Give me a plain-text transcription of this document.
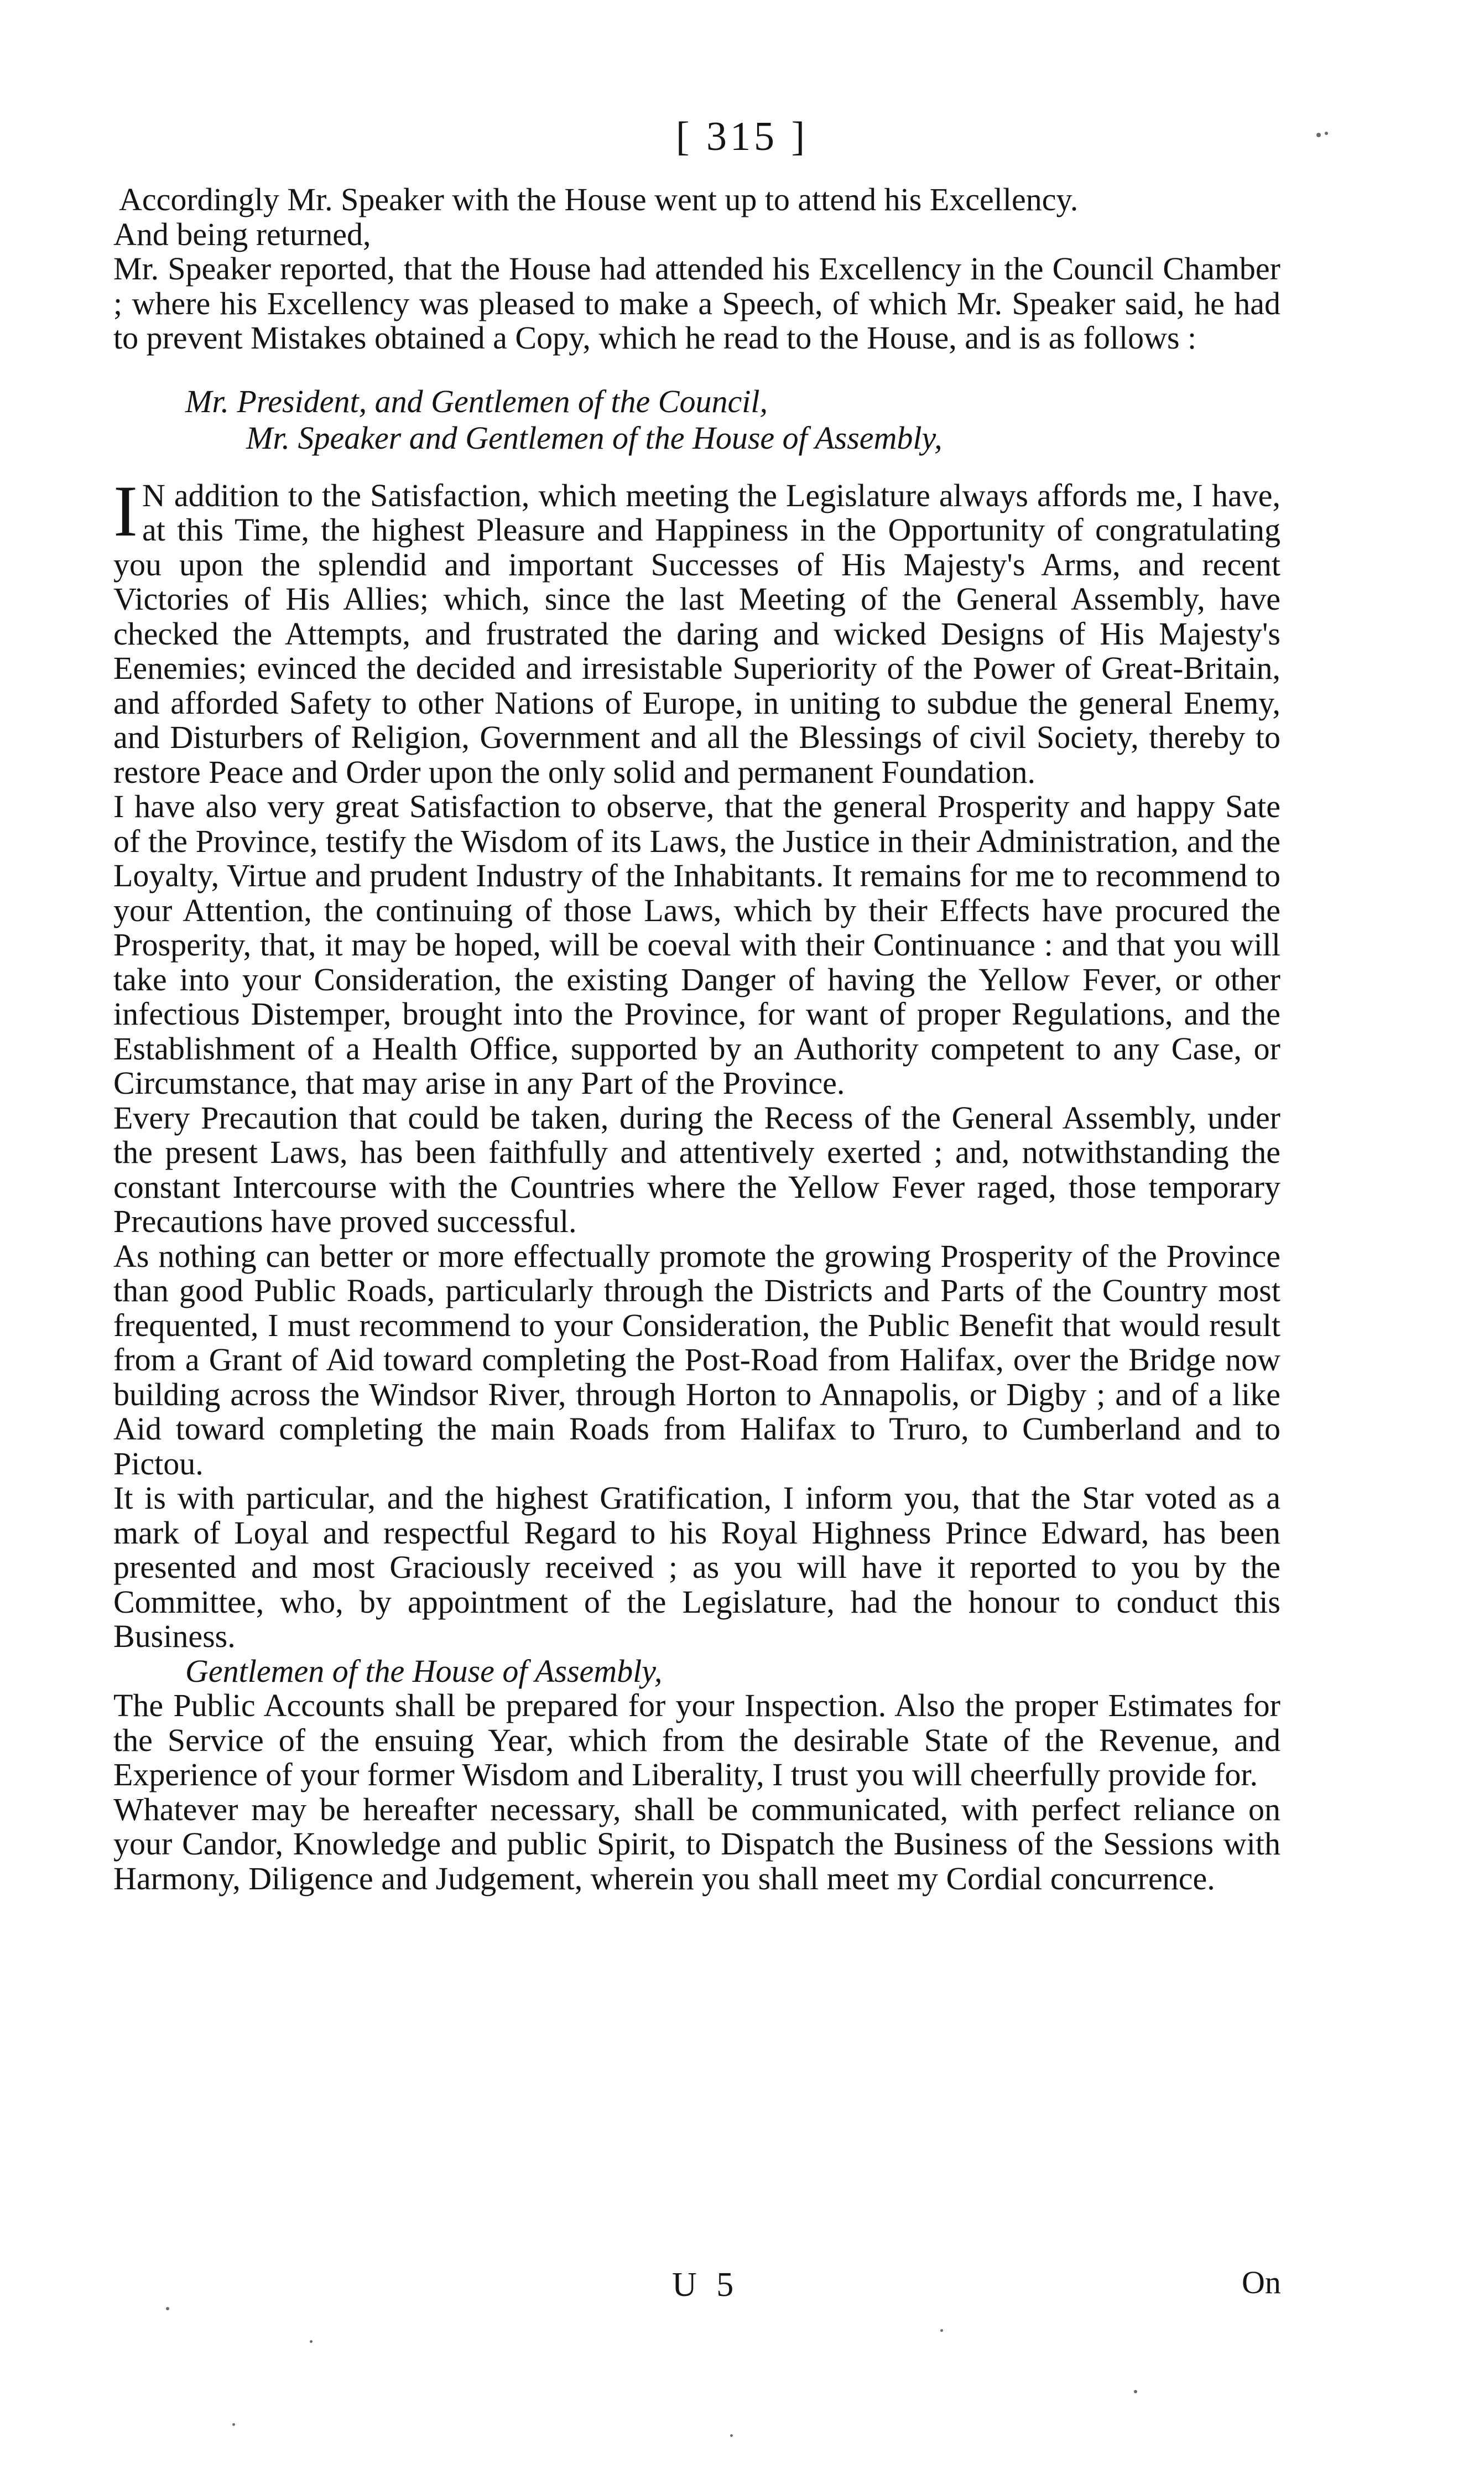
[ 315 ]

Accordingly Mr. Speaker with the House went up to attend his Excellency.

And being returned,

Mr. Speaker reported, that the House had attended his Excellency in the Council Chamber ; where his Excellency was pleased to make a Speech, of which Mr. Speaker said, he had to prevent Mistakes obtained a Copy, which he read to the House, and is as follows :

Mr. President, and Gentlemen of the Council,

Mr. Speaker and Gentlemen of the House of Assembly,

I N addition to the Satisfaction, which meeting the Legislature always affords me, I have, at this Time, the highest Pleasure and Happiness in the Opportunity of congratulating you upon the splendid and important Successes of His Majesty's Arms, and recent Victories of His Allies; which, since the last Meeting of the General Assembly, have checked the Attempts, and frustrated the daring and wicked Designs of His Majesty's Eenemies; evinced the decided and irresistable Superiority of the Power of Great-Britain, and afforded Safety to other Nations of Europe, in uniting to subdue the general Enemy, and Disturbers of Religion, Government and all the Blessings of civil Society, thereby to restore Peace and Order upon the only solid and permanent Foundation.

I have also very great Satisfaction to observe, that the general Prosperity and happy Sate of the Province, testify the Wisdom of its Laws, the Justice in their Administration, and the Loyalty, Virtue and prudent Industry of the Inhabitants. It remains for me to recommend to your Attention, the continuing of those Laws, which by their Effects have procured the Prosperity, that, it may be hoped, will be coeval with their Continuance : and that you will take into your Consideration, the existing Danger of having the Yellow Fever, or other infectious Distemper, brought into the Province, for want of proper Regulations, and the Establishment of a Health Office, supported by an Authority competent to any Case, or Circumstance, that may arise in any Part of the Province.

Every Precaution that could be taken, during the Recess of the General Assembly, under the present Laws, has been faithfully and attentively exerted ; and, notwithstanding the constant Intercourse with the Countries where the Yellow Fever raged, those temporary Precautions have proved successful.

As nothing can better or more effectually promote the growing Prosperity of the Province than good Public Roads, particularly through the Districts and Parts of the Country most frequented, I must recommend to your Consideration, the Public Benefit that would result from a Grant of Aid toward completing the Post-Road from Halifax, over the Bridge now building across the Windsor River, through Horton to Annapolis, or Digby ; and of a like Aid toward completing the main Roads from Halifax to Truro, to Cumberland and to Pictou.

It is with particular, and the highest Gratification, I inform you, that the Star voted as a mark of Loyal and respectful Regard to his Royal Highness Prince Edward, has been presented and most Graciously received ; as you will have it reported to you by the Committee, who, by appointment of the Legislature, had the honour to conduct this Business.

Gentlemen of the House of Assembly,

The Public Accounts shall be prepared for your Inspection. Also the proper Estimates for the Service of the ensuing Year, which from the desirable State of the Revenue, and Experience of your former Wisdom and Liberality, I trust you will cheerfully provide for.

Whatever may be hereafter necessary, shall be communicated, with perfect reliance on your Candor, Knowledge and public Spirit, to Dispatch the Business of the Sessions with Harmony, Diligence and Judgement, wherein you shall meet my Cordial concurrence.

U 5	On
